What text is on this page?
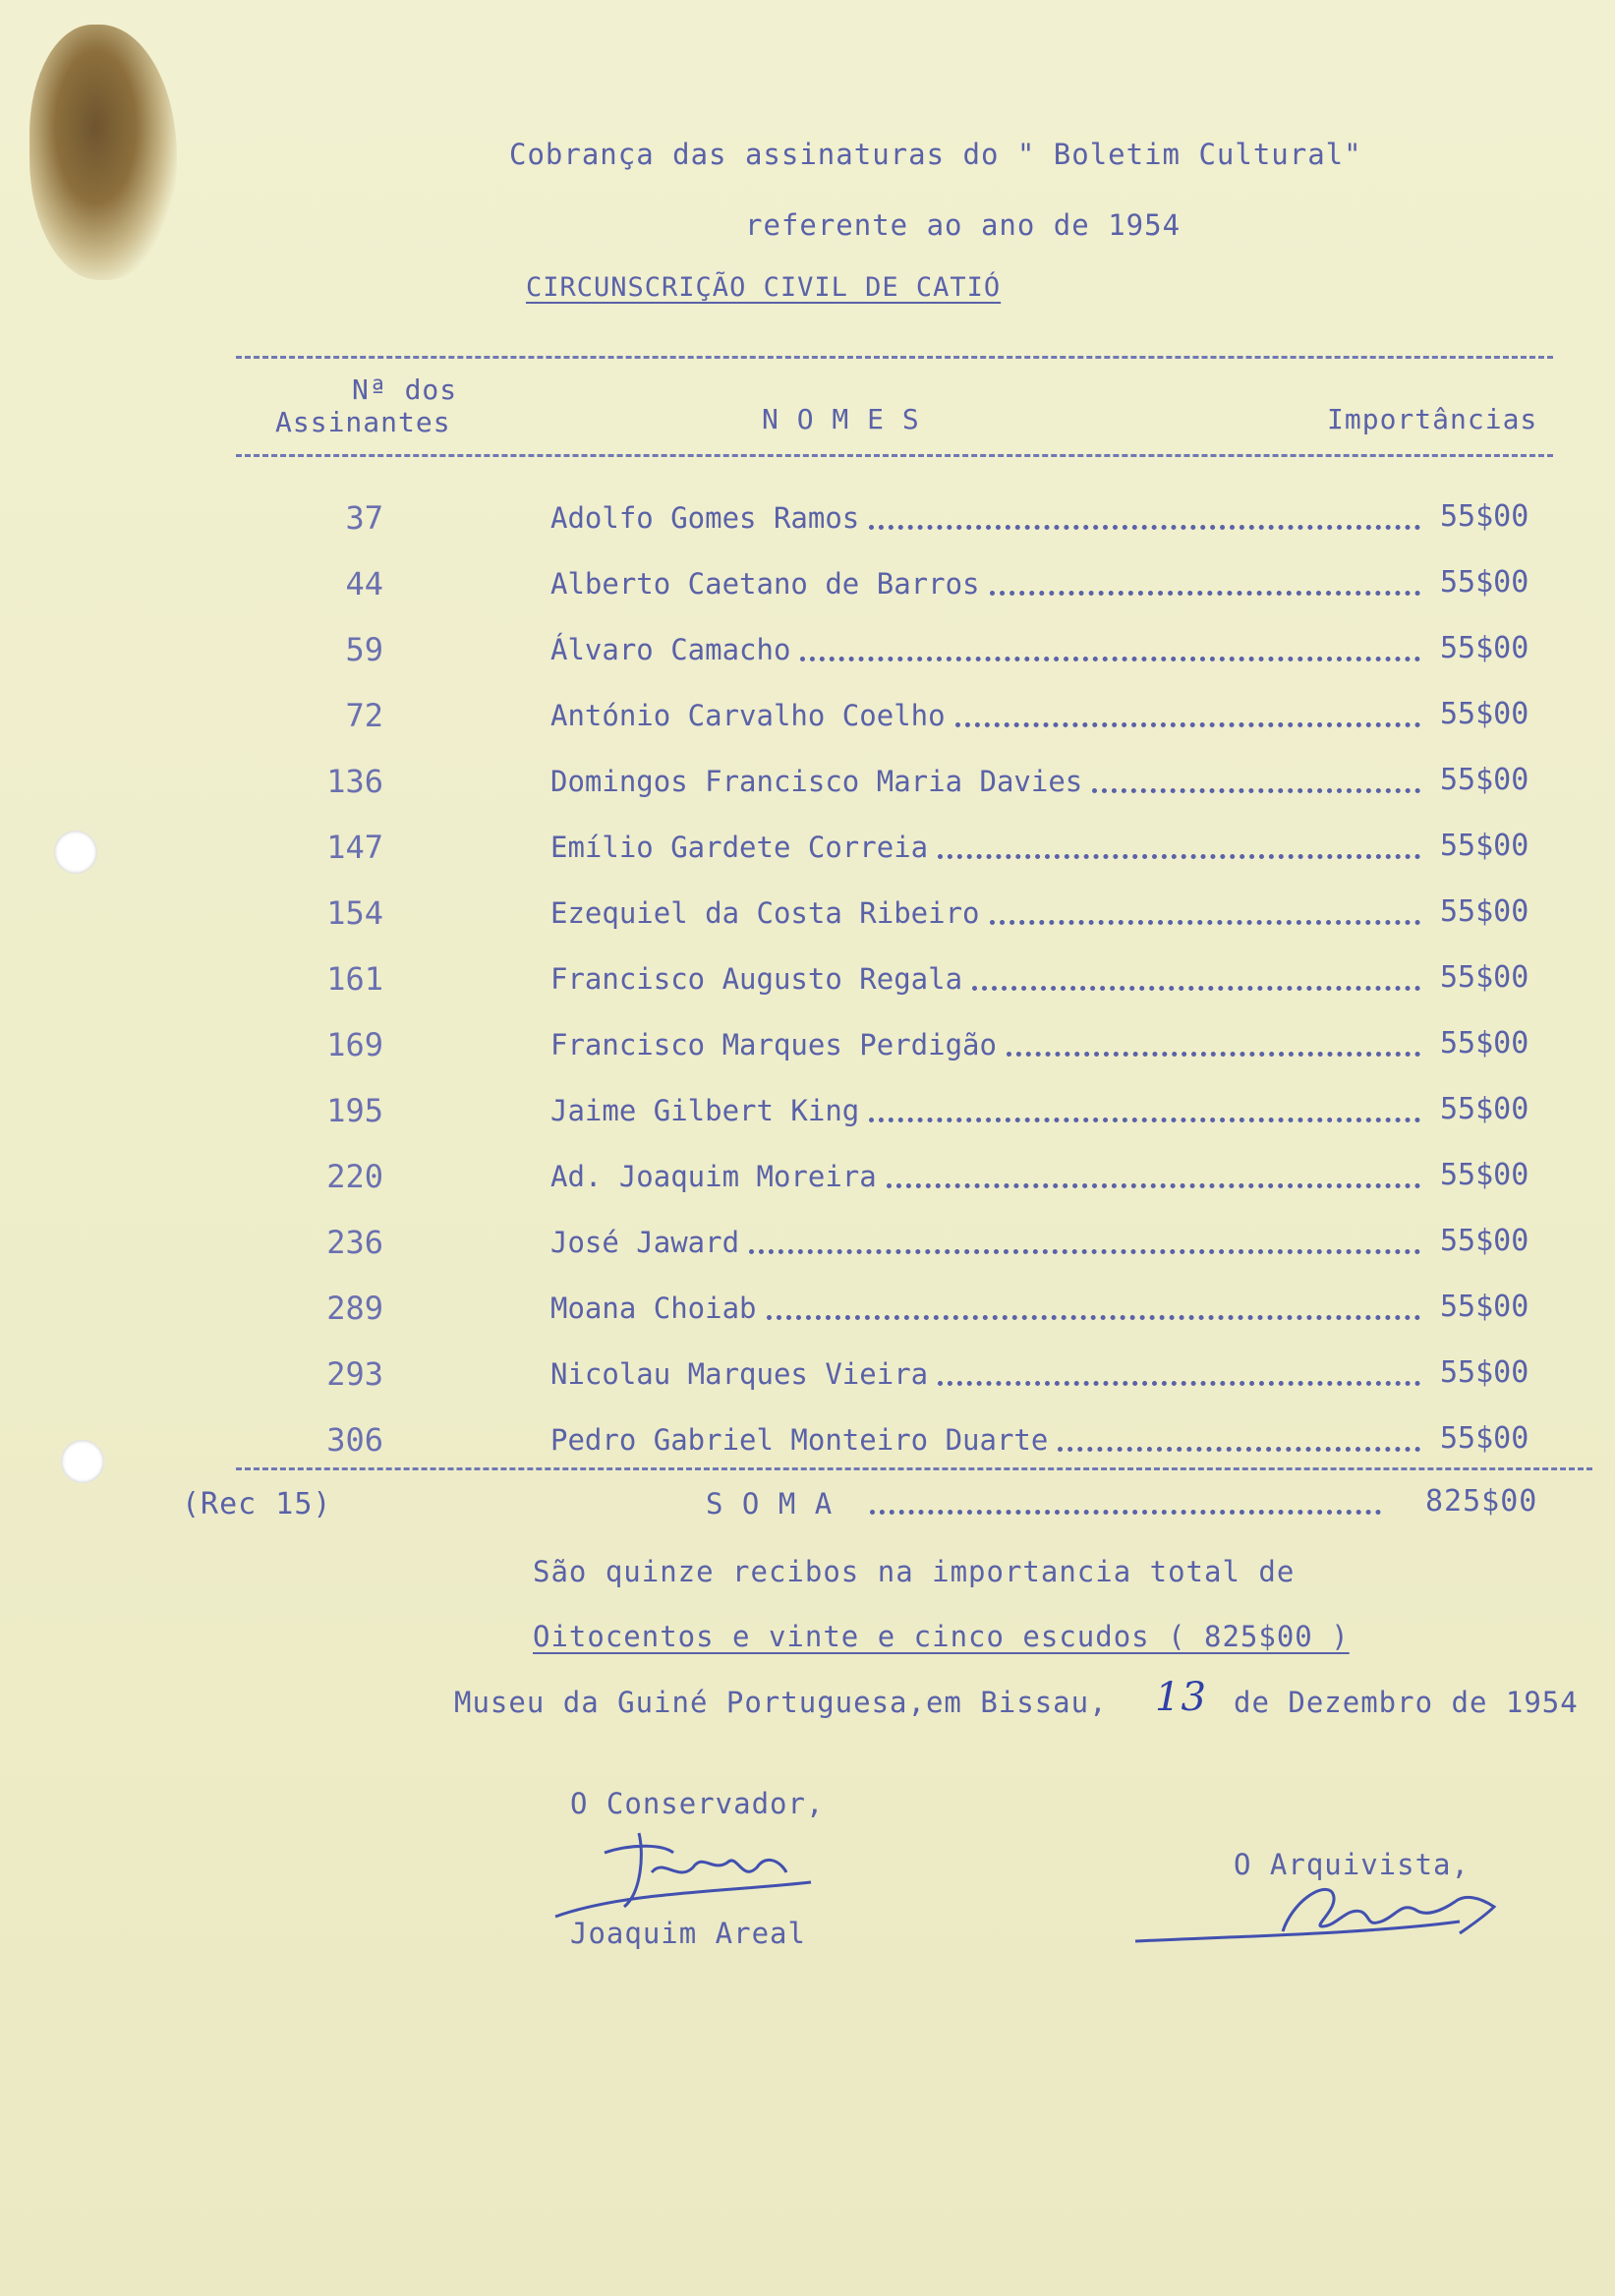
Cobrança das assinaturas do " Boletim Cultural"
referente ao ano de 1954
CIRCUNSCRIÇÃO CIVIL DE CATIÓ
Nª dos
Assinantes	N O M E S	Importâncias
37	Adolfo Gomes Ramos	55$00
44	Alberto Caetano de Barros	55$00
59	Álvaro Camacho	55$00
72	António Carvalho Coelho	55$00
136	Domingos Francisco Maria Davies	55$00
147	Emílio Gardete Correia	55$00
154	Ezequiel da Costa Ribeiro	55$00
161	Francisco Augusto Regala	55$00
169	Francisco Marques Perdigão	55$00
195	Jaime Gilbert King	55$00
220	Ad. Joaquim Moreira	55$00
236	José Jaward	55$00
289	Moana Choiab	55$00
293	Nicolau Marques Vieira	55$00
306	Pedro Gabriel Monteiro Duarte	55$00
(Rec 15)	S O M A	825$00
São quinze recibos na importancia total de
Oitocentos e vinte e cinco escudos ( 825$00 )
Museu da Guiné Portuguesa,em Bissau, 13 de Dezembro de 1954
O Conservador,
Joaquim Areal
O Arquivista,
